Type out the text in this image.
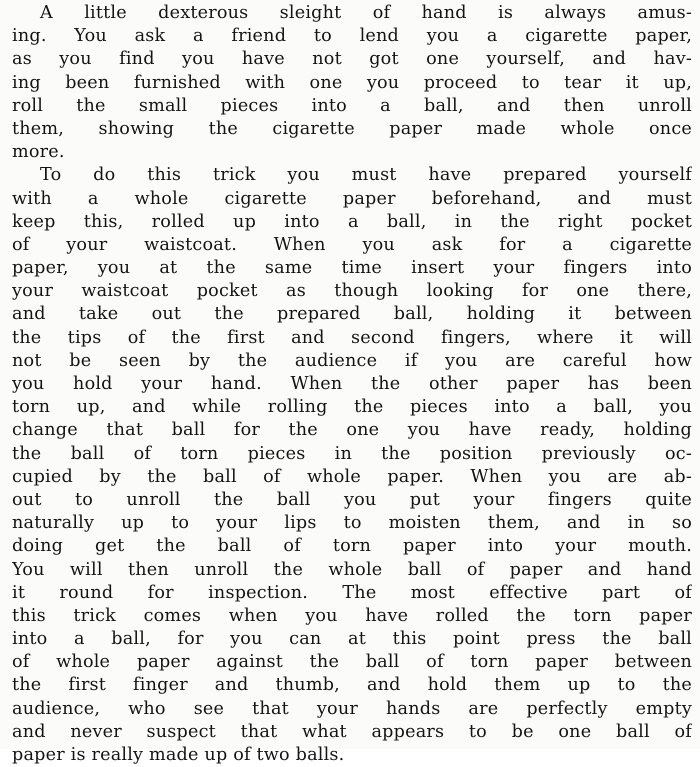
A little dexterous sleight of hand is always amus-
ing. You ask a friend to lend you a cigarette paper,
as you find you have not got one yourself, and hav-
ing been furnished with one you proceed to tear it up,
roll the small pieces into a ball, and then unroll
them, showing the cigarette paper made whole once
more.
To do this trick you must have prepared yourself
with a whole cigarette paper beforehand, and must
keep this, rolled up into a ball, in the right pocket
of your waistcoat. When you ask for a cigarette
paper, you at the same time insert your fingers into
your waistcoat pocket as though looking for one there,
and take out the prepared ball, holding it between
the tips of the first and second fingers, where it will
not be seen by the audience if you are careful how
you hold your hand. When the other paper has been
torn up, and while rolling the pieces into a ball, you
change that ball for the one you have ready, holding
the ball of torn pieces in the position previously oc-
cupied by the ball of whole paper. When you are ab-
out to unroll the ball you put your fingers quite
naturally up to your lips to moisten them, and in so
doing get the ball of torn paper into your mouth.
You will then unroll the whole ball of paper and hand
it round for inspection. The most effective part of
this trick comes when you have rolled the torn paper
into a ball, for you can at this point press the ball
of whole paper against the ball of torn paper between
the first finger and thumb, and hold them up to the
audience, who see that your hands are perfectly empty
and never suspect that what appears to be one ball of
paper is really made up of two balls.
